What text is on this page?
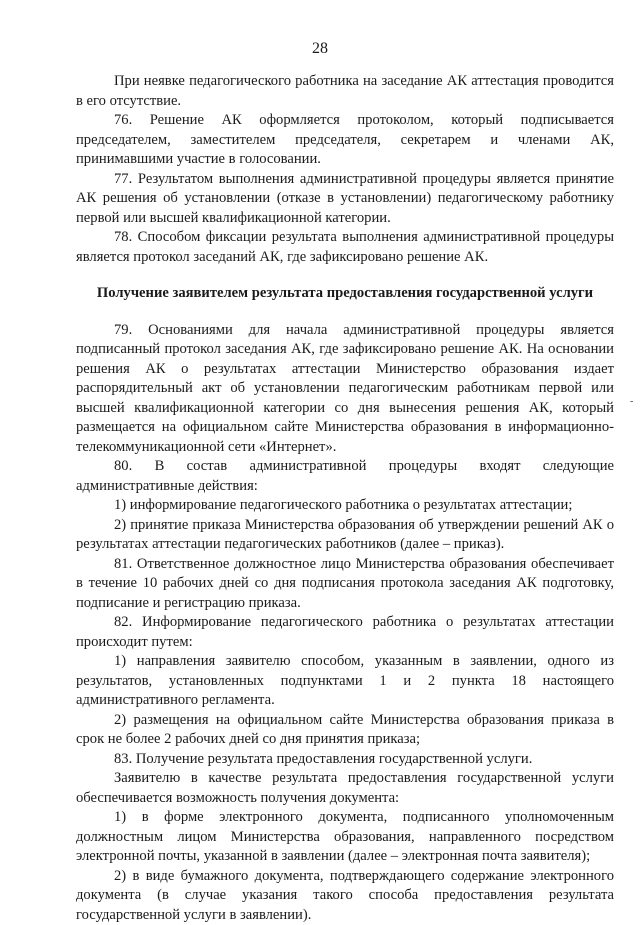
28

При неявке педагогического работника на заседание АК аттестация проводится в его отсутствие.

76. Решение АК оформляется протоколом, который подписывается председателем, заместителем председателя, секретарем и членами АК, принимавшими участие в голосовании.

77. Результатом выполнения административной процедуры является принятие АК решения об установлении (отказе в установлении) педагогическому работнику первой или высшей квалификационной категории.

78. Способом фиксации результата выполнения административной процедуры является протокол заседаний АК, где зафиксировано решение АК.

Получение заявителем результата предоставления государственной услуги

79. Основаниями для начала административной процедуры является подписанный протокол заседания АК, где зафиксировано решение АК. На основании решения АК о результатах аттестации Министерство образования издает распорядительный акт об установлении педагогическим работникам первой или высшей квалификационной категории со дня вынесения решения АК, который размещается на официальном сайте Министерства образования в информационно-телекоммуникационной сети «Интернет».

80. В состав административной процедуры входят следующие административные действия:

1) информирование педагогического работника о результатах аттестации;

2) принятие приказа Министерства образования об утверждении решений АК о результатах аттестации педагогических работников (далее – приказ).

81. Ответственное должностное лицо Министерства образования обеспечивает в течение 10 рабочих дней со дня подписания протокола заседания АК подготовку, подписание и регистрацию приказа.

82. Информирование педагогического работника о результатах аттестации происходит путем:

1) направления заявителю способом, указанным в заявлении, одного из результатов, установленных подпунктами 1 и 2 пункта 18 настоящего административного регламента.

2) размещения на официальном сайте Министерства образования приказа в срок не более 2 рабочих дней со дня принятия приказа;

83. Получение результата предоставления государственной услуги.

Заявителю в качестве результата предоставления государственной услуги обеспечивается возможность получения документа:

1) в форме электронного документа, подписанного уполномоченным должностным лицом Министерства образования, направленного посредством электронной почты, указанной в заявлении (далее – электронная почта заявителя);

2) в виде бумажного документа, подтверждающего содержание электронного документа (в случае указания такого способа предоставления результата государственной услуги в заявлении).

-
